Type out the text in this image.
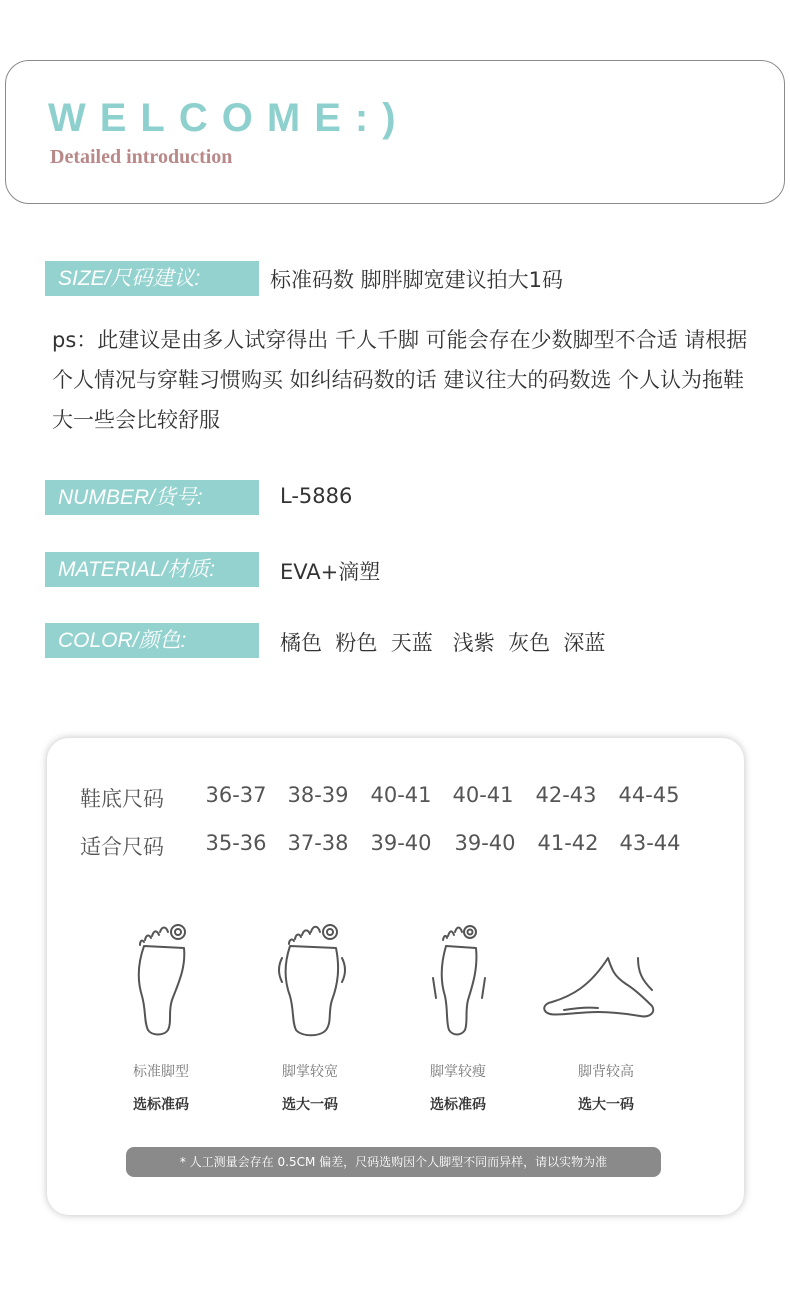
WELCOME:)
Detailed introduction
SIZE/尺码建议:	标准码数 脚胖脚宽建议拍大1码
ps：此建议是由多人试穿得出 千人千脚 可能会存在少数脚型不合适 请根据个人情况与穿鞋习惯购买 如纠结码数的话 建议往大的码数选 个人认为拖鞋大一些会比较舒服
NUMBER/货号:	L-5886
MATERIAL/材质:	EVA+滴塑
COLOR/颜色:	橘色  粉色  天蓝   浅紫  灰色  深蓝
鞋底尺码 36-37 38-39 40-41 40-41 42-43 44-45
适合尺码 35-36 37-38 39-40 39-40 41-42 43-44
标准脚型
选标准码
脚掌较宽
选大一码
脚掌较瘦
选标准码
脚背较高
选大一码
* 人工测量会存在 0.5CM 偏差，尺码选购因个人脚型不同而异样，请以实物为准
